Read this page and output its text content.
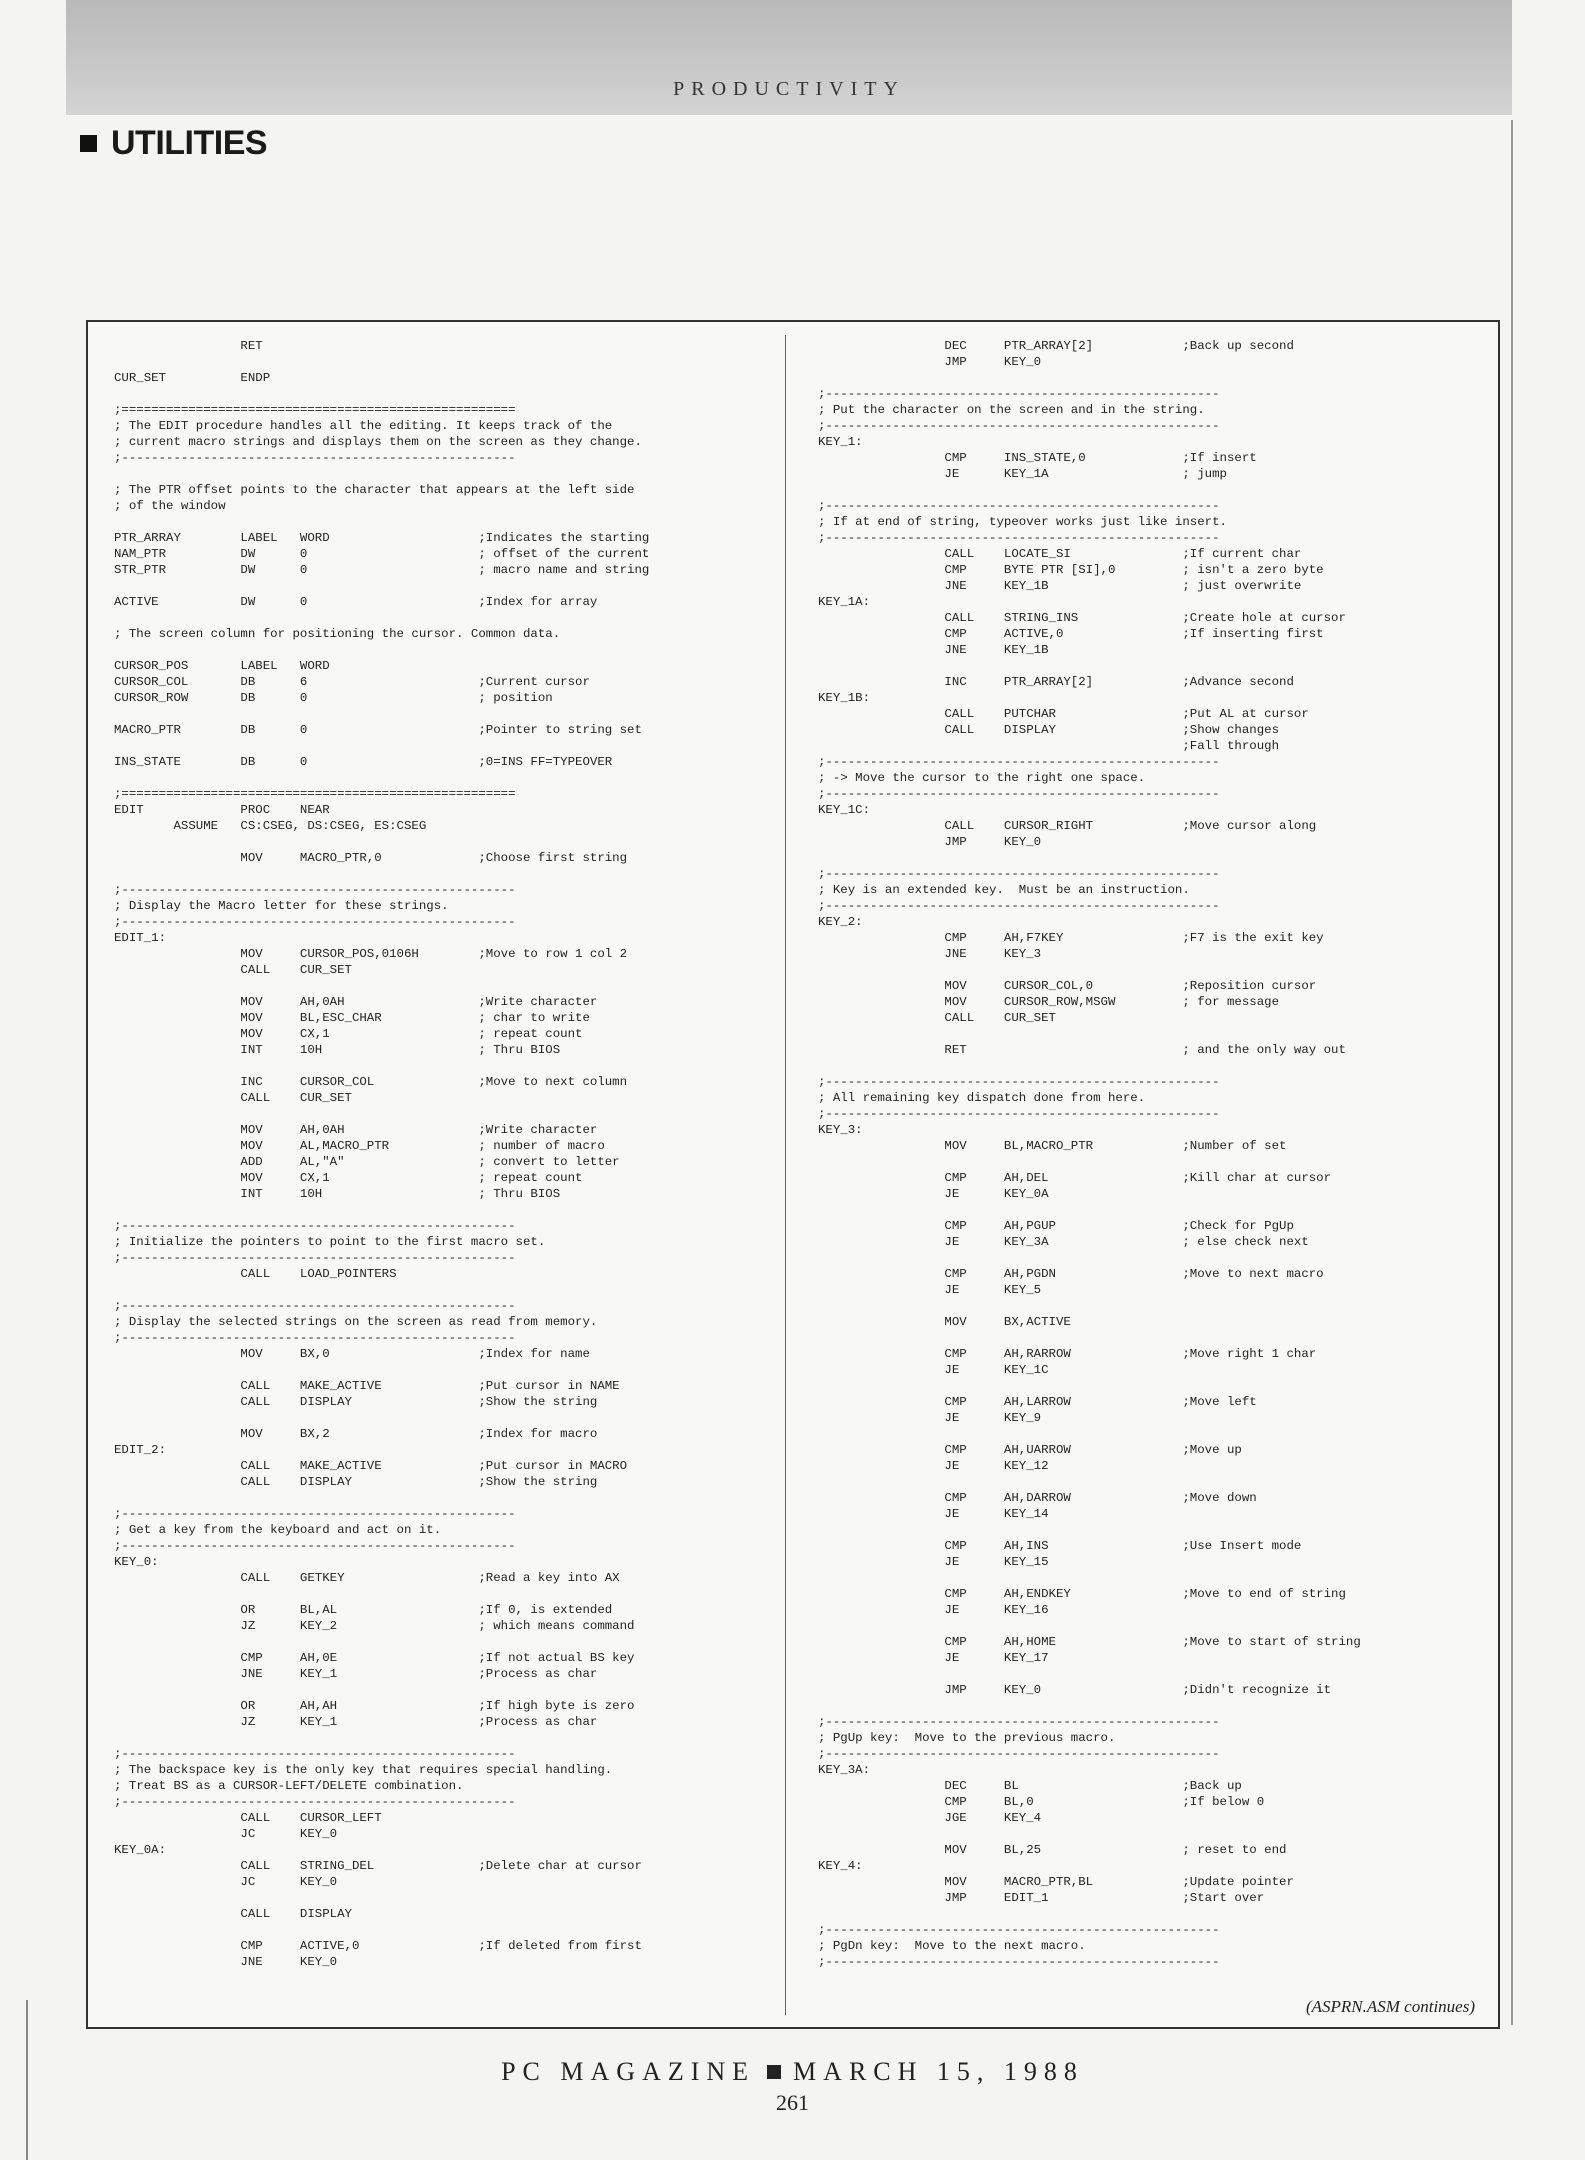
PRODUCTIVITY
UTILITIES
RET

CUR_SET          ENDP

;=====================================================
; The EDIT procedure handles all the editing. It keeps track of the
; current macro strings and displays them on the screen as they change.
;-----------------------------------------------------

; The PTR offset points to the character that appears at the left side
; of the window

PTR_ARRAY        LABEL   WORD                    ;Indicates the starting
NAM_PTR          DW      0                       ; offset of the current
STR_PTR          DW      0                       ; macro name and string

ACTIVE           DW      0                       ;Index for array

; The screen column for positioning the cursor. Common data.

CURSOR_POS       LABEL   WORD
CURSOR_COL       DB      6                       ;Current cursor
CURSOR_ROW       DB      0                       ; position

MACRO_PTR        DB      0                       ;Pointer to string set

INS_STATE        DB      0                       ;0=INS FF=TYPEOVER

;=====================================================
EDIT             PROC    NEAR
ASSUME   CS:CSEG, DS:CSEG, ES:CSEG

MOV     MACRO_PTR,0             ;Choose first string

;-----------------------------------------------------
; Display the Macro letter for these strings.
;-----------------------------------------------------
EDIT_1:
MOV     CURSOR_POS,0106H        ;Move to row 1 col 2
CALL    CUR_SET

MOV     AH,0AH                  ;Write character
MOV     BL,ESC_CHAR             ; char to write
MOV     CX,1                    ; repeat count
INT     10H                     ; Thru BIOS

INC     CURSOR_COL              ;Move to next column
CALL    CUR_SET

MOV     AH,0AH                  ;Write character
MOV     AL,MACRO_PTR            ; number of macro
ADD     AL,"A"                  ; convert to letter
MOV     CX,1                    ; repeat count
INT     10H                     ; Thru BIOS

;-----------------------------------------------------
; Initialize the pointers to point to the first macro set.
;-----------------------------------------------------
CALL    LOAD_POINTERS

;-----------------------------------------------------
; Display the selected strings on the screen as read from memory.
;-----------------------------------------------------
MOV     BX,0                    ;Index for name

CALL    MAKE_ACTIVE             ;Put cursor in NAME
CALL    DISPLAY                 ;Show the string

MOV     BX,2                    ;Index for macro
EDIT_2:
CALL    MAKE_ACTIVE             ;Put cursor in MACRO
CALL    DISPLAY                 ;Show the string

;-----------------------------------------------------
; Get a key from the keyboard and act on it.
;-----------------------------------------------------
KEY_0:
CALL    GETKEY                  ;Read a key into AX

OR      BL,AL                   ;If 0, is extended
JZ      KEY_2                   ; which means command

CMP     AH,0E                   ;If not actual BS key
JNE     KEY_1                   ;Process as char

OR      AH,AH                   ;If high byte is zero
JZ      KEY_1                   ;Process as char

;-----------------------------------------------------
; The backspace key is the only key that requires special handling.
; Treat BS as a CURSOR-LEFT/DELETE combination.
;-----------------------------------------------------
CALL    CURSOR_LEFT
JC      KEY_0
KEY_0A:
CALL    STRING_DEL              ;Delete char at cursor
JC      KEY_0

CALL    DISPLAY

CMP     ACTIVE,0                ;If deleted from first
JNE     KEY_0
DEC     PTR_ARRAY[2]            ;Back up second
JMP     KEY_0

;-----------------------------------------------------
; Put the character on the screen and in the string.
;-----------------------------------------------------
KEY_1:
CMP     INS_STATE,0             ;If insert
JE      KEY_1A                  ; jump

;-----------------------------------------------------
; If at end of string, typeover works just like insert.
;-----------------------------------------------------
CALL    LOCATE_SI               ;If current char
CMP     BYTE PTR [SI],0         ; isn't a zero byte
JNE     KEY_1B                  ; just overwrite
KEY_1A:
CALL    STRING_INS              ;Create hole at cursor
CMP     ACTIVE,0                ;If inserting first
JNE     KEY_1B

INC     PTR_ARRAY[2]            ;Advance second
KEY_1B:
CALL    PUTCHAR                 ;Put AL at cursor
CALL    DISPLAY                 ;Show changes
;Fall through
;-----------------------------------------------------
; -> Move the cursor to the right one space.
;-----------------------------------------------------
KEY_1C:
CALL    CURSOR_RIGHT            ;Move cursor along
JMP     KEY_0

;-----------------------------------------------------
; Key is an extended key.  Must be an instruction.
;-----------------------------------------------------
KEY_2:
CMP     AH,F7KEY                ;F7 is the exit key
JNE     KEY_3

MOV     CURSOR_COL,0            ;Reposition cursor
MOV     CURSOR_ROW,MSGW         ; for message
CALL    CUR_SET

RET                             ; and the only way out

;-----------------------------------------------------
; All remaining key dispatch done from here.
;-----------------------------------------------------
KEY_3:
MOV     BL,MACRO_PTR            ;Number of set

CMP     AH,DEL                  ;Kill char at cursor
JE      KEY_0A

CMP     AH,PGUP                 ;Check for PgUp
JE      KEY_3A                  ; else check next

CMP     AH,PGDN                 ;Move to next macro
JE      KEY_5

MOV     BX,ACTIVE

CMP     AH,RARROW               ;Move right 1 char
JE      KEY_1C

CMP     AH,LARROW               ;Move left
JE      KEY_9

CMP     AH,UARROW               ;Move up
JE      KEY_12

CMP     AH,DARROW               ;Move down
JE      KEY_14

CMP     AH,INS                  ;Use Insert mode
JE      KEY_15

CMP     AH,ENDKEY               ;Move to end of string
JE      KEY_16

CMP     AH,HOME                 ;Move to start of string
JE      KEY_17

JMP     KEY_0                   ;Didn't recognize it

;-----------------------------------------------------
; PgUp key:  Move to the previous macro.
;-----------------------------------------------------
KEY_3A:
DEC     BL                      ;Back up
CMP     BL,0                    ;If below 0
JGE     KEY_4

MOV     BL,25                   ; reset to end
KEY_4:
MOV     MACRO_PTR,BL            ;Update pointer
JMP     EDIT_1                  ;Start over

;-----------------------------------------------------
; PgDn key:  Move to the next macro.
;-----------------------------------------------------
(ASPRN.ASM continues)
PC MAGAZINE MARCH 15, 1988
261
